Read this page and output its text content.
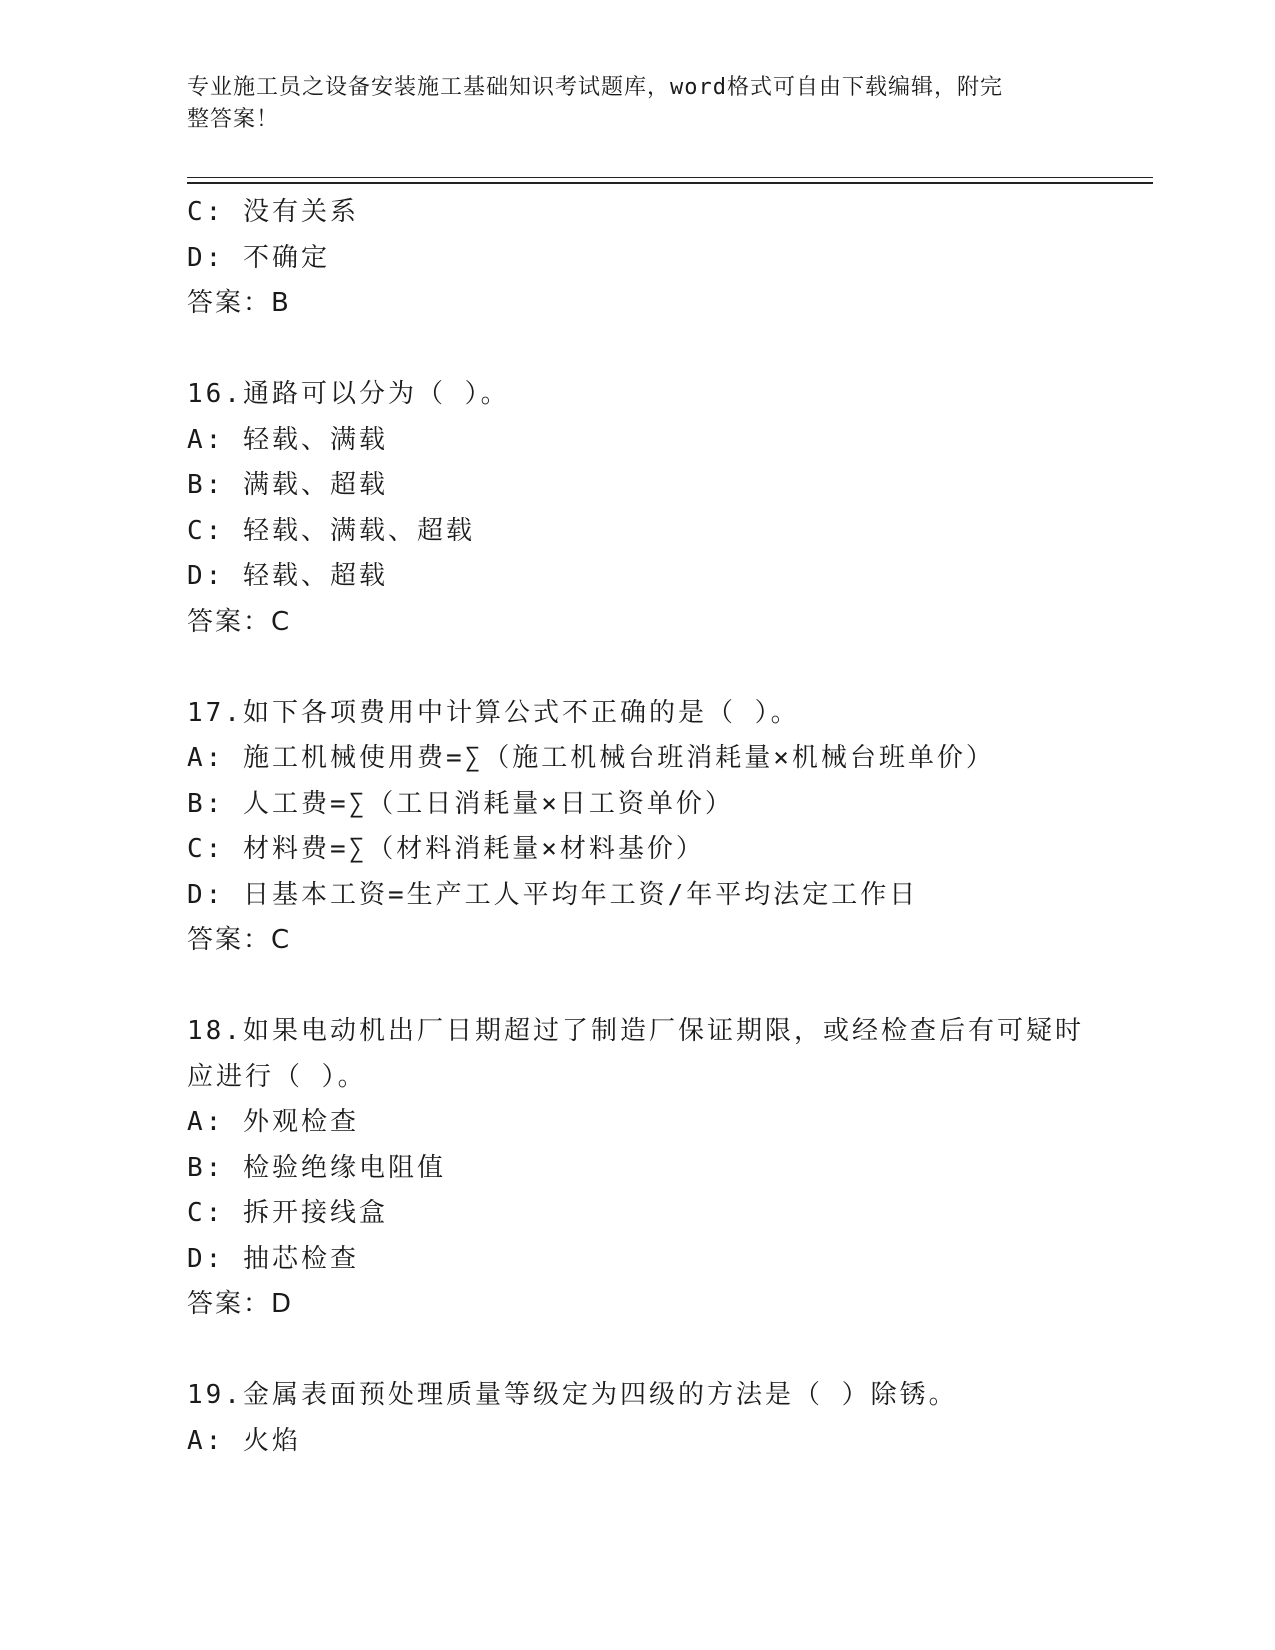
专业施工员之设备安装施工基础知识考试题库，word格式可自由下载编辑，附完
整答案！
C: 没有关系
D: 不确定
答案：B
16.通路可以分为（ ）。
A: 轻载、满载
B: 满载、超载
C: 轻载、满载、超载
D: 轻载、超载
答案：C
17.如下各项费用中计算公式不正确的是（ ）。
A: 施工机械使用费=∑（施工机械台班消耗量×机械台班单价）
B: 人工费=∑（工日消耗量×日工资单价）
C: 材料费=∑（材料消耗量×材料基价）
D: 日基本工资=生产工人平均年工资/年平均法定工作日
答案：C
18.如果电动机出厂日期超过了制造厂保证期限，或经检查后有可疑时
应进行（ ）。
A: 外观检查
B: 检验绝缘电阻值
C: 拆开接线盒
D: 抽芯检查
答案：D
19.金属表面预处理质量等级定为四级的方法是（ ）除锈。
A: 火焰
